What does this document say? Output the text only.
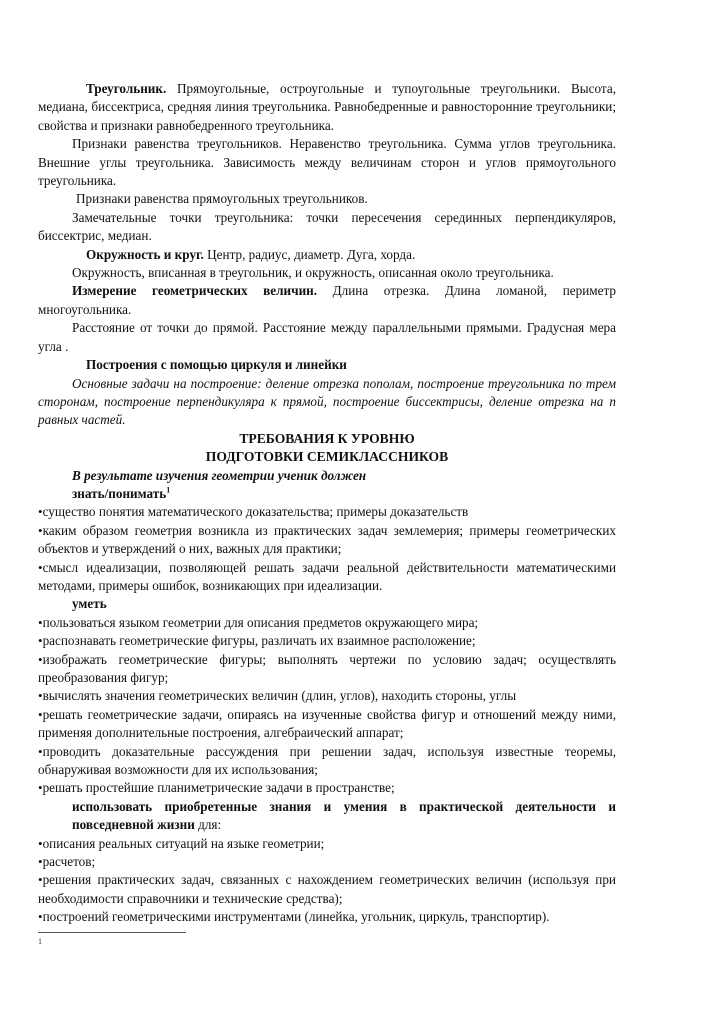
Треугольник. Прямоугольные, остроугольные и тупоугольные треугольники. Высота, медиана, биссектриса, средняя линия треугольника. Равнобедренные и равносторонние треугольники; свойства и признаки равнобедренного треугольника.

Признаки равенства треугольников. Неравенство треугольника. Сумма углов треугольника. Внешние углы треугольника. Зависимость между величинам сторон и углов прямоугольного треугольника.

Признаки равенства прямоугольных треугольников.

Замечательные точки треугольника: точки пересечения серединных перпендикуляров, биссектрис, медиан.

Окружность и круг. Центр, радиус, диаметр. Дуга, хорда.

Окружность, вписанная в треугольник, и окружность, описанная около треугольника.

Измерение геометрических величин. Длина отрезка. Длина ломаной, периметр многоугольника.

Расстояние от точки до прямой. Расстояние между параллельными прямыми. Градусная мера угла .

Построения с помощью циркуля и линейки

Основные задачи на построение: деление отрезка пополам, построение треугольника по трем сторонам, построение перпендикуляра к прямой, построение биссектрисы, деление отрезка на п равных частей.

ТРЕБОВАНИЯ К УРОВНЮ

ПОДГОТОВКИ СЕМИКЛАССНИКОВ

В результате изучения геометрии ученик должен

знать/понимать$^1$

•существо понятия математического доказательства; примеры доказательств

•каким образом геометрия возникла из практических задач землемерия; примеры геометрических объектов и утверждений о них, важных для практики;

•смысл идеализации, позволяющей решать задачи реальной действительности математическими методами, примеры ошибок, возникающих при идеализации.

уметь

•пользоваться языком геометрии для описания предметов окружающего мира;

•распознавать геометрические фигуры, различать их взаимное расположение;

•изображать геометрические фигуры; выполнять чертежи по условию задач; осуществлять преобразования фигур;

•вычислять значения геометрических величин (длин, углов), находить стороны, углы

•решать геометрические задачи, опираясь на изученные свойства фигур и отношений между ними, применяя дополнительные построения, алгебраический аппарат;

•проводить доказательные рассуждения при решении задач, используя известные теоремы, обнаруживая возможности для их использования;

•решать простейшие планиметрические задачи в пространстве;

использовать приобретенные знания и умения в практической деятельности и повседневной жизни для:

•описания реальных ситуаций на языке геометрии;

•расчетов;

•решения практических задач, связанных с нахождением геометрических величин (используя при необходимости справочники и технические средства);

•построений геометрическими инструментами (линейка, угольник, циркуль, транспортир).

1
